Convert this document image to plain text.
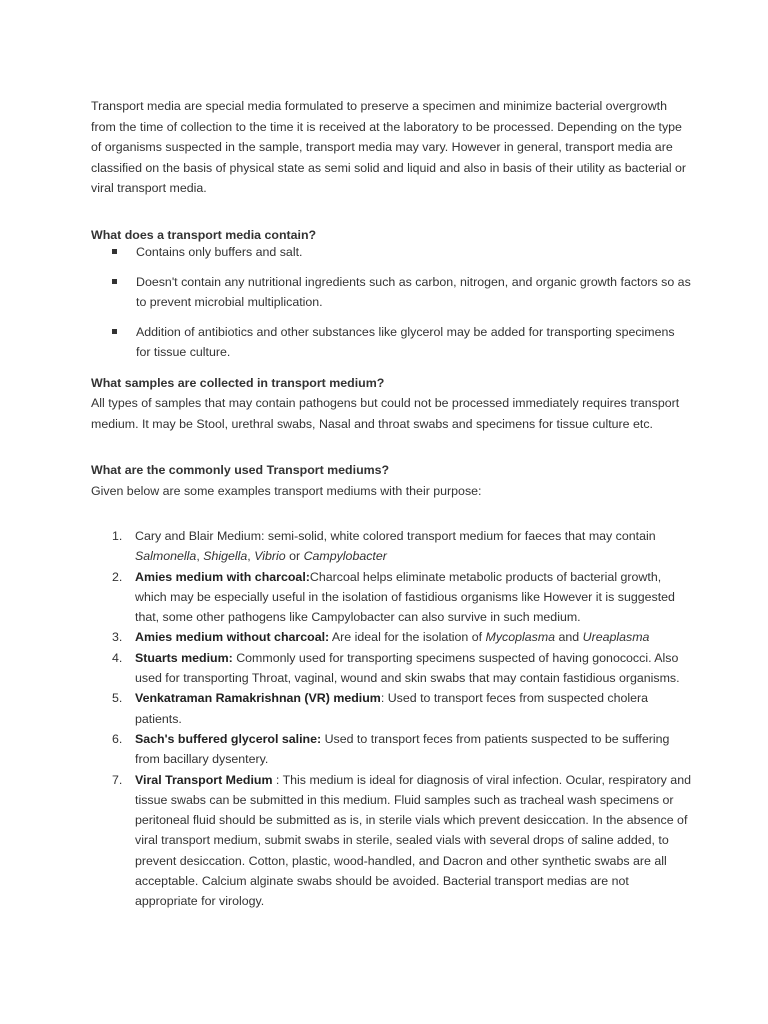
Transport media are special media formulated to preserve a specimen and minimize bacterial overgrowth from the time of collection to the time it is received at the laboratory to be processed. Depending on the type of organisms suspected in the sample, transport media may vary. However in general, transport media are classified on the basis of physical state as semi solid and liquid and also in basis of their utility as bacterial or viral transport media.

What does a transport media contain?

Contains only buffers and salt.
Doesn't contain any nutritional ingredients such as carbon, nitrogen, and organic growth factors so as to prevent microbial multiplication.
Addition of antibiotics and other substances like glycerol may be added for transporting specimens for tissue culture.

What samples are collected in transport medium?

All types of samples that may contain pathogens but could not be processed immediately requires transport medium. It may be Stool, urethral swabs, Nasal and throat swabs and specimens for tissue culture etc.

What are the commonly used Transport mediums?

Given below are some examples transport mediums with their purpose:

1. Cary and Blair Medium: semi-solid, white colored transport medium for faeces that may contain Salmonella, Shigella, Vibrio or Campylobacter
2. Amies medium with charcoal:Charcoal helps eliminate metabolic products of bacterial growth, which may be especially useful in the isolation of fastidious organisms like However it is suggested that, some other pathogens like Campylobacter can also survive in such medium.
3. Amies medium without charcoal: Are ideal for the isolation of Mycoplasma and Ureaplasma
4. Stuarts medium: Commonly used for transporting specimens suspected of having gonococci. Also used for transporting Throat, vaginal, wound and skin swabs that may contain fastidious organisms.
5. Venkatraman Ramakrishnan (VR) medium: Used to transport feces from suspected cholera patients.
6. Sach's buffered glycerol saline: Used to transport feces from patients suspected to be suffering from bacillary dysentery.
7. Viral Transport Medium : This medium is ideal for diagnosis of viral infection. Ocular, respiratory and tissue swabs can be submitted in this medium. Fluid samples such as tracheal wash specimens or peritoneal fluid should be submitted as is, in sterile vials which prevent desiccation. In the absence of viral transport medium, submit swabs in sterile, sealed vials with several drops of saline added, to prevent desiccation. Cotton, plastic, wood-handled, and Dacron and other synthetic swabs are all acceptable. Calcium alginate swabs should be avoided. Bacterial transport medias are not appropriate for virology.
